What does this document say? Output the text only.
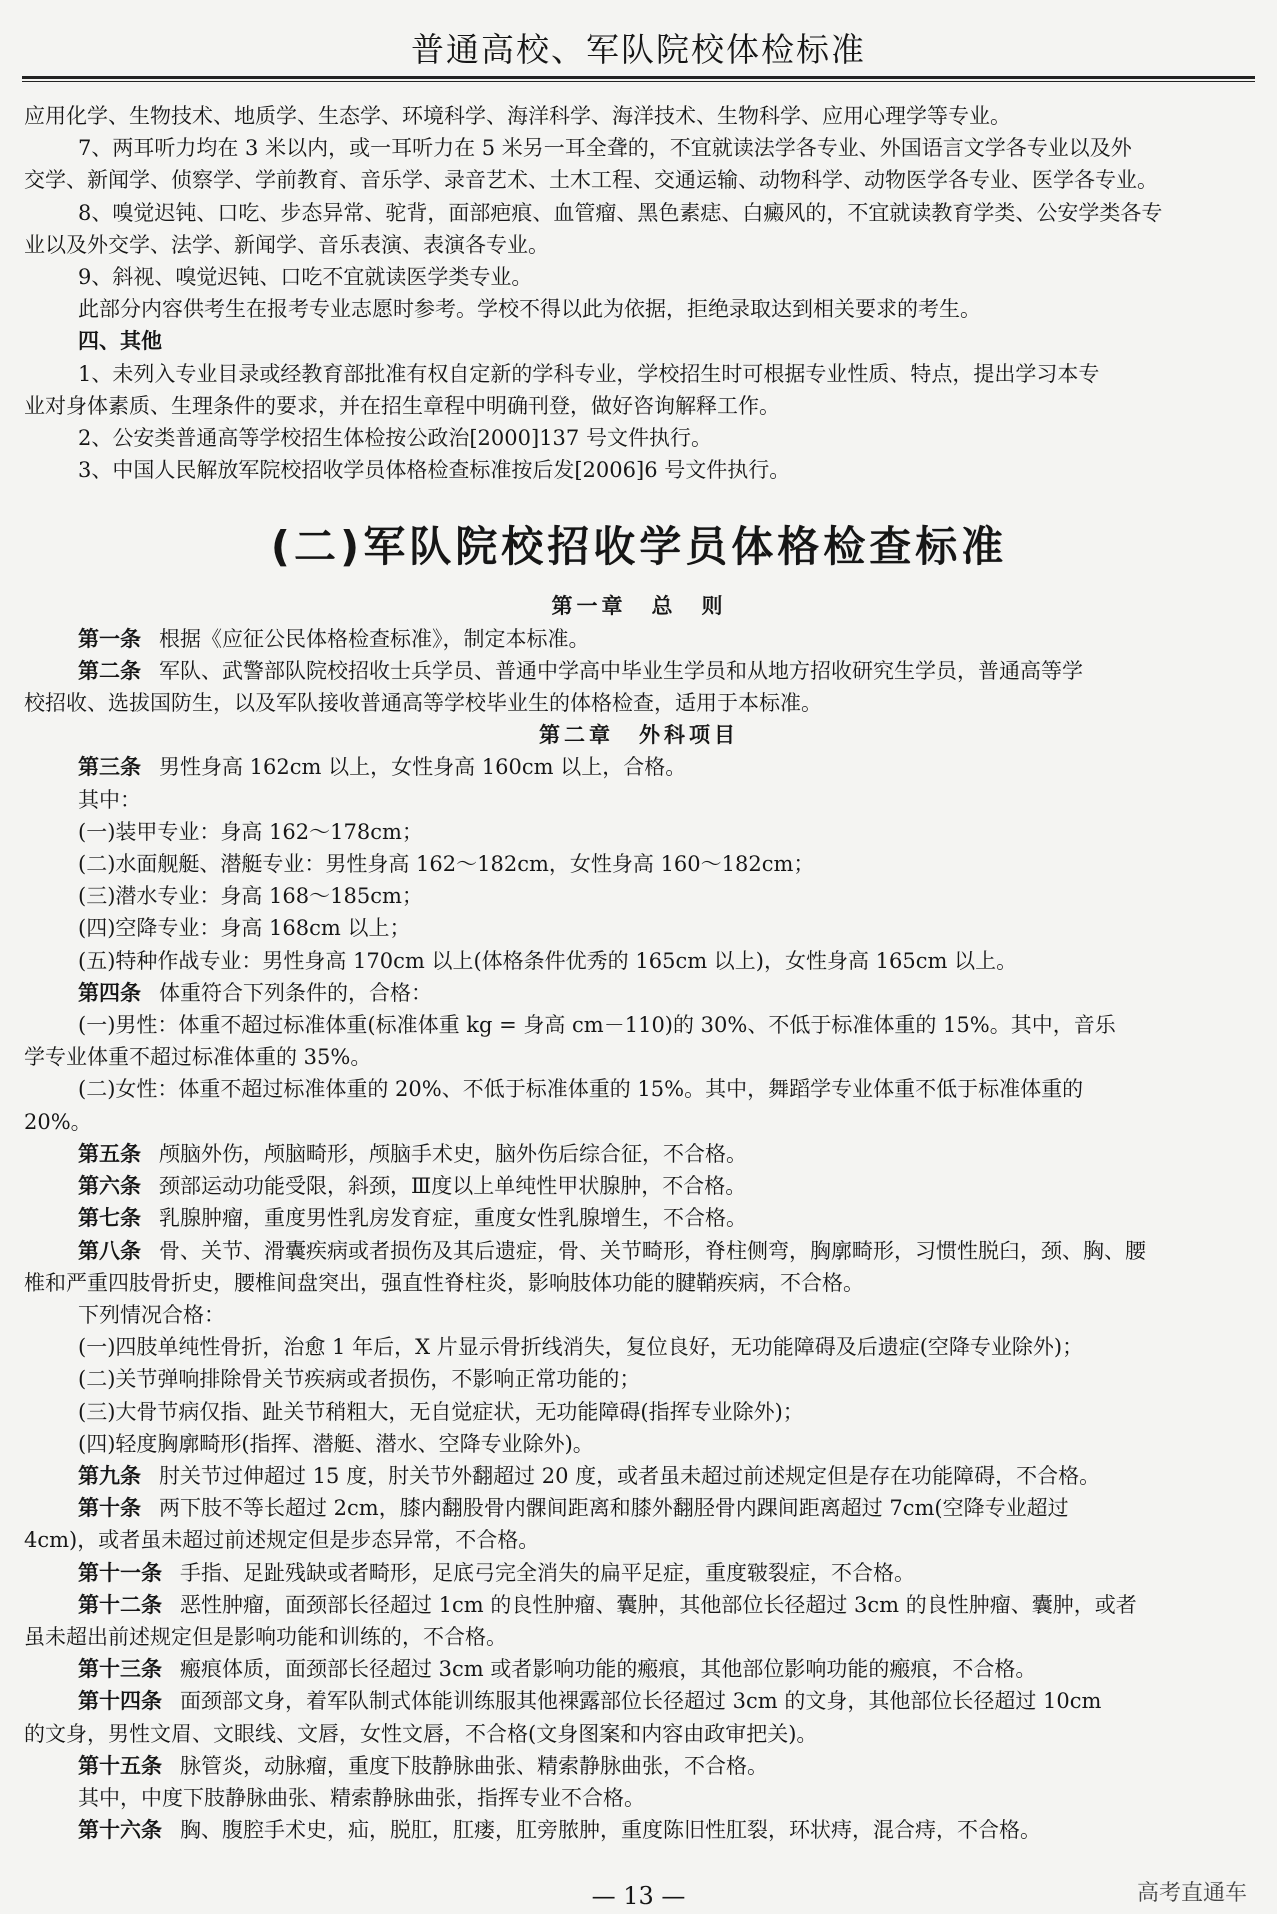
普通高校、军队院校体检标准

应用化学、生物技术、地质学、生态学、环境科学、海洋科学、海洋技术、生物科学、应用心理学等专业。

7、两耳听力均在 3 米以内，或一耳听力在 5 米另一耳全聋的，不宜就读法学各专业、外国语言文学各专业以及外

交学、新闻学、侦察学、学前教育、音乐学、录音艺术、土木工程、交通运输、动物科学、动物医学各专业、医学各专业。

8、嗅觉迟钝、口吃、步态异常、驼背，面部疤痕、血管瘤、黑色素痣、白癜风的，不宜就读教育学类、公安学类各专

业以及外交学、法学、新闻学、音乐表演、表演各专业。

9、斜视、嗅觉迟钝、口吃不宜就读医学类专业。

此部分内容供考生在报考专业志愿时参考。学校不得以此为依据，拒绝录取达到相关要求的考生。

四、其他

1、未列入专业目录或经教育部批准有权自定新的学科专业，学校招生时可根据专业性质、特点，提出学习本专

业对身体素质、生理条件的要求，并在招生章程中明确刊登，做好咨询解释工作。

2、公安类普通高等学校招生体检按公政治[2000]137 号文件执行。

3、中国人民解放军院校招收学员体格检查标准按后发[2006]6 号文件执行。

(二)军队院校招收学员体格检查标准

第一章　总　则

第一条 根据《应征公民体格检查标准》，制定本标准。

第二条 军队、武警部队院校招收士兵学员、普通中学高中毕业生学员和从地方招收研究生学员，普通高等学

校招收、选拔国防生，以及军队接收普通高等学校毕业生的体格检查，适用于本标准。

第二章　外科项目

第三条 男性身高 162cm 以上，女性身高 160cm 以上，合格。

其中：

(一)装甲专业：身高 162～178cm；

(二)水面舰艇、潜艇专业：男性身高 162～182cm，女性身高 160～182cm；

(三)潜水专业：身高 168～185cm；

(四)空降专业：身高 168cm 以上；

(五)特种作战专业：男性身高 170cm 以上(体格条件优秀的 165cm 以上)，女性身高 165cm 以上。

第四条 体重符合下列条件的，合格：

(一)男性：体重不超过标准体重(标准体重 kg = 身高 cm－110)的 30%、不低于标准体重的 15%。其中，音乐

学专业体重不超过标准体重的 35%。

(二)女性：体重不超过标准体重的 20%、不低于标准体重的 15%。其中，舞蹈学专业体重不低于标准体重的

20%。

第五条 颅脑外伤，颅脑畸形，颅脑手术史，脑外伤后综合征，不合格。

第六条 颈部运动功能受限，斜颈，Ⅲ度以上单纯性甲状腺肿，不合格。

第七条 乳腺肿瘤，重度男性乳房发育症，重度女性乳腺增生，不合格。

第八条 骨、关节、滑囊疾病或者损伤及其后遗症，骨、关节畸形，脊柱侧弯，胸廓畸形，习惯性脱臼，颈、胸、腰

椎和严重四肢骨折史，腰椎间盘突出，强直性脊柱炎，影响肢体功能的腱鞘疾病，不合格。

下列情况合格：

(一)四肢单纯性骨折，治愈 1 年后，X 片显示骨折线消失，复位良好，无功能障碍及后遗症(空降专业除外)；

(二)关节弹响排除骨关节疾病或者损伤，不影响正常功能的；

(三)大骨节病仅指、趾关节稍粗大，无自觉症状，无功能障碍(指挥专业除外)；

(四)轻度胸廓畸形(指挥、潜艇、潜水、空降专业除外)。

第九条 肘关节过伸超过 15 度，肘关节外翻超过 20 度，或者虽未超过前述规定但是存在功能障碍，不合格。

第十条 两下肢不等长超过 2cm，膝内翻股骨内髁间距离和膝外翻胫骨内踝间距离超过 7cm(空降专业超过

4cm)，或者虽未超过前述规定但是步态异常，不合格。

第十一条 手指、足趾残缺或者畸形，足底弓完全消失的扁平足症，重度皲裂症，不合格。

第十二条 恶性肿瘤，面颈部长径超过 1cm 的良性肿瘤、囊肿，其他部位长径超过 3cm 的良性肿瘤、囊肿，或者

虽未超出前述规定但是影响功能和训练的，不合格。

第十三条 瘢痕体质，面颈部长径超过 3cm 或者影响功能的瘢痕，其他部位影响功能的瘢痕，不合格。

第十四条 面颈部文身，着军队制式体能训练服其他裸露部位长径超过 3cm 的文身，其他部位长径超过 10cm

的文身，男性文眉、文眼线、文唇，女性文唇，不合格(文身图案和内容由政审把关)。

第十五条 脉管炎，动脉瘤，重度下肢静脉曲张、精索静脉曲张，不合格。

其中，中度下肢静脉曲张、精索静脉曲张，指挥专业不合格。

第十六条 胸、腹腔手术史，疝，脱肛，肛瘘，肛旁脓肿，重度陈旧性肛裂，环状痔，混合痔，不合格。

— 13 —	高考直通车
